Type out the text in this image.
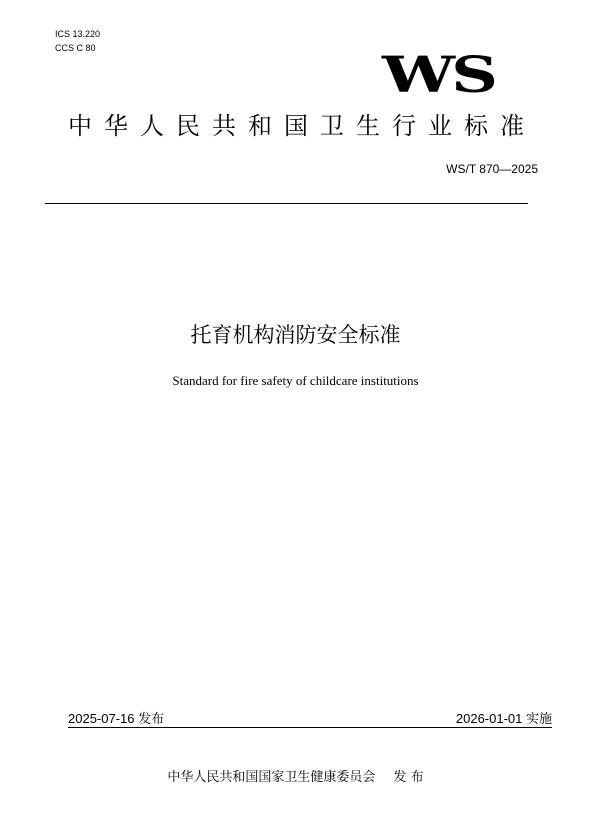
ICS 13.220
CCS C 80	WS
中华人民共和国卫生行业标准
WS/T 870—2025
托育机构消防安全标准
Standard for fire safety of childcare institutions
2025-07-16 发布	2026-01-01 实施
中华人民共和国国家卫生健康委员会 发 布
